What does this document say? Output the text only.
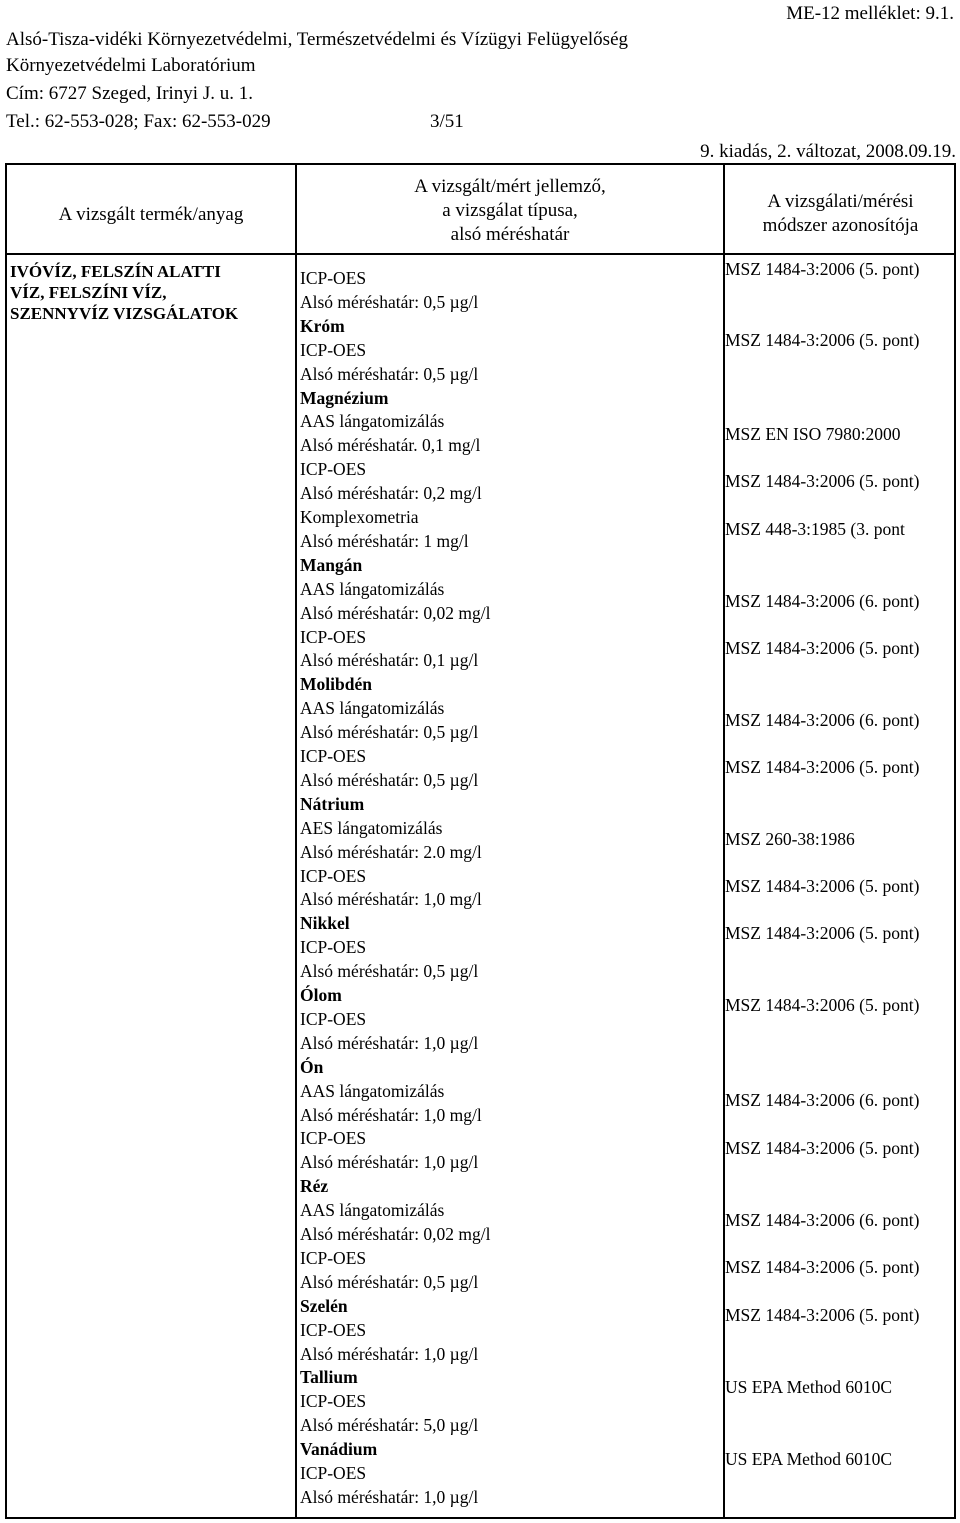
ME-12 melléklet: 9.1.
Alsó-Tisza-vidéki Környezetvédelmi, Természetvédelmi és Vízügyi Felügyelőség
Környezetvédelmi Laboratórium
Cím: 6727 Szeged, Irinyi J. u. 1.
Tel.: 62-553-028; Fax: 62-553-029	3/51
9. kiadás, 2. változat, 2008.09.19.
A vizsgált termék/anyag
A vizsgált/mért jellemző,
a vizsgálat típusa,
alsó méréshatár
A vizsgálati/mérési
módszer azonosítója
IVÓVÍZ, FELSZÍN ALATTI
VÍZ, FELSZÍNI VÍZ,
SZENNYVÍZ VIZSGÁLATOK
ICP-OES
Alsó méréshatár: 0,5 µg/l
Króm
ICP-OES
Alsó méréshatár: 0,5 µg/l
Magnézium
AAS lángatomizálás
Alsó méréshatár. 0,1 mg/l
ICP-OES
Alsó méréshatár: 0,2 mg/l
Komplexometria
Alsó méréshatár: 1 mg/l
Mangán
AAS lángatomizálás
Alsó méréshatár: 0,02 mg/l
ICP-OES
Alsó méréshatár: 0,1 µg/l
Molibdén
AAS lángatomizálás
Alsó méréshatár: 0,5 µg/l
ICP-OES
Alsó méréshatár: 0,5 µg/l
Nátrium
AES lángatomizálás
Alsó méréshatár: 2.0 mg/l
ICP-OES
Alsó méréshatár: 1,0 mg/l
Nikkel
ICP-OES
Alsó méréshatár: 0,5 µg/l
Ólom
ICP-OES
Alsó méréshatár: 1,0 µg/l
Ón
AAS lángatomizálás
Alsó méréshatár: 1,0 mg/l
ICP-OES
Alsó méréshatár: 1,0 µg/l
Réz
AAS lángatomizálás
Alsó méréshatár: 0,02 mg/l
ICP-OES
Alsó méréshatár: 0,5 µg/l
Szelén
ICP-OES
Alsó méréshatár: 1,0 µg/l
Tallium
ICP-OES
Alsó méréshatár: 5,0 µg/l
Vanádium
ICP-OES
Alsó méréshatár: 1,0 µg/l
MSZ 1484-3:2006 (5. pont)
MSZ 1484-3:2006 (5. pont)
MSZ EN ISO 7980:2000
MSZ 1484-3:2006 (5. pont)
MSZ 448-3:1985 (3. pont
MSZ 1484-3:2006 (6. pont)
MSZ 1484-3:2006 (5. pont)
MSZ 1484-3:2006 (6. pont)
MSZ 1484-3:2006 (5. pont)
MSZ 260-38:1986
MSZ 1484-3:2006 (5. pont)
MSZ 1484-3:2006 (5. pont)
MSZ 1484-3:2006 (5. pont)
MSZ 1484-3:2006 (6. pont)
MSZ 1484-3:2006 (5. pont)
MSZ 1484-3:2006 (6. pont)
MSZ 1484-3:2006 (5. pont)
MSZ 1484-3:2006 (5. pont)
US EPA Method 6010C
US EPA Method 6010C
